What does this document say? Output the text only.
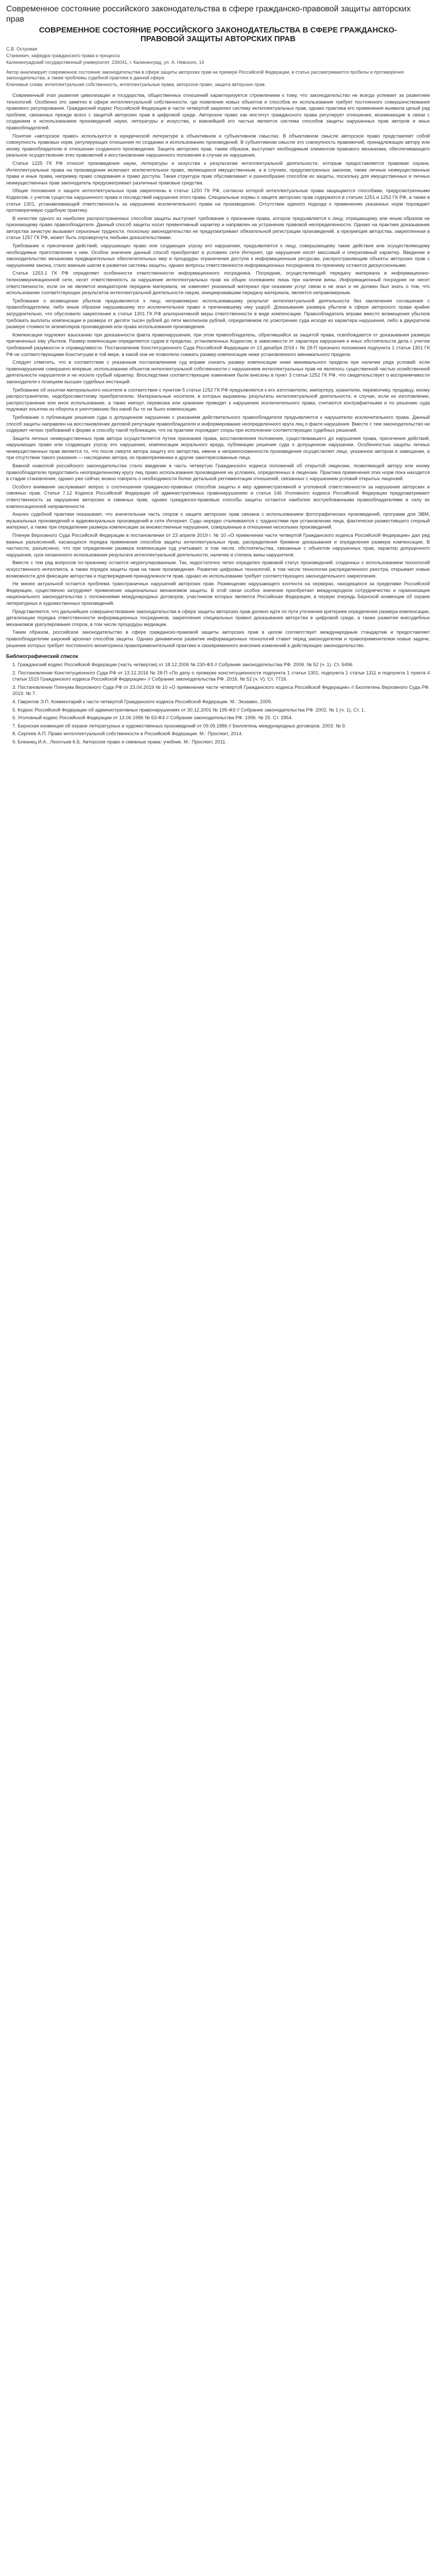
Современное состояние российского законодательства в сфере гражданско-правовой защиты авторских прав
СОВРЕМЕННОЕ СОСТОЯНИЕ РОССИЙСКОГО ЗАКОНОДАТЕЛЬСТВА В СФЕРЕ ГРАЖДАНСКО-ПРАВОВОЙ ЗАЩИТЫ АВТОРСКИХ ПРАВ
С.В. Островая
Станкевич, кафедра гражданского права и процесса
Калининградский государственный университет, 236041, г. Калининград, ул. А. Невского, 14
Автор анализирует современное состояние законодательства в сфере защиты авторских прав на примере Российской Федерации, в статье рассматриваются пробелы и противоречия законодательства, а также проблемы судебной практики в данной сфере.
Ключевые слова: интеллектуальная собственность, интеллектуальные права, авторское право, защита авторских прав.

Современный этап развития цивилизации и государства, общественных отношений характеризуется стремлением к тому, что законодательство не всегда успевает за развитием технологий. Особенно это заметно в сфере интеллектуальной собственности, где появление новых объектов и способов их использования требует постоянного совершенствования правового регулирования. Гражданский кодекс Российской Федерации в части четвертой закрепил систему интеллектуальных прав, однако практика его применения выявила целый ряд проблем, связанных прежде всего с защитой авторских прав в цифровой среде. Авторское право как институт гражданского права регулирует отношения, возникающие в связи с созданием и использованием произведений науки, литературы и искусства, и важнейшей его частью является система способов защиты нарушенных прав авторов и иных правообладателей.

Понятие «авторское право» используется в юридической литературе в объективном и субъективном смыслах. В объективном смысле авторское право представляет собой совокупность правовых норм, регулирующих отношения по созданию и использованию произведений. В субъективном смысле это совокупность правомочий, принадлежащих автору или иному правообладателю в отношении созданного произведения. Защита авторских прав, таким образом, выступает необходимым элементом правового механизма, обеспечивающего реальное осуществление этих правомочий и восстановление нарушенного положения в случае их нарушения.

Статья 1225 ГК РФ относит произведения науки, литературы и искусства к результатам интеллектуальной деятельности, которым предоставляется правовая охрана. Интеллектуальные права на произведения включают исключительное право, являющееся имущественным, а в случаях, предусмотренных законом, также личные неимущественные права и иные права, например право следования и право доступа. Такая структура прав обуславливает и разнообразие способов их защиты, поскольку для имущественных и личных неимущественных прав законодатель предусматривает различные правовые средства.

Общие положения о защите интеллектуальных прав закреплены в статье 1250 ГК РФ, согласно которой интеллектуальные права защищаются способами, предусмотренными Кодексом, с учетом существа нарушенного права и последствий нарушения этого права. Специальные нормы о защите авторских прав содержатся в статьях 1251 и 1252 ГК РФ, а также в статье 1301, устанавливающей ответственность за нарушение исключительного права на произведение. Отсутствие единого подхода к применению указанных норм порождает противоречивую судебную практику.

В качестве одного из наиболее распространенных способов защиты выступает требование о признании права, которое предъявляется к лицу, отрицающему или иным образом не признающему право правообладателя. Данный способ защиты носит превентивный характер и направлен на устранение правовой неопределенности. Однако на практике доказывание авторства зачастую вызывает серьезные трудности, поскольку законодательство не предусматривает обязательной регистрации произведений, а презумпция авторства, закрепленная в статье 1257 ГК РФ, может быть опровергнута любыми доказательствами.

Требование о пресечении действий, нарушающих право или создающих угрозу его нарушения, предъявляется к лицу, совершающему такие действия или осуществляющему необходимые приготовления к ним. Особое значение данный способ приобретает в условиях сети Интернет, где нарушения носят массовый и оперативный характер. Введение в законодательство механизма предварительных обеспечительных мер и процедуры ограничения доступа к информационным ресурсам, распространяющим объекты авторских прав с нарушением закона, стало важным шагом в развитии системы защиты, однако вопросы ответственности информационных посредников по-прежнему остаются дискуссионными.

Статья 1253.1 ГК РФ определяет особенности ответственности информационного посредника. Посредник, осуществляющий передачу материала в информационно-телекоммуникационной сети, несет ответственность за нарушение интеллектуальных прав на общих основаниях лишь при наличии вины. Информационный посредник не несет ответственности, если он не является инициатором передачи материала, не изменяет указанный материал при оказании услуг связи и не знал и не должен был знать о том, что использование соответствующих результатов интеллектуальной деятельности лицом, инициировавшим передачу материала, является неправомерным.

Требование о возмещении убытков предъявляется к лицу, неправомерно использовавшему результат интеллектуальной деятельности без заключения соглашения с правообладателем, либо иным образом нарушившему его исключительное право и причинившему ему ущерб. Доказывание размера убытков в сфере авторского права крайне затруднительно, что обусловило закрепление в статье 1301 ГК РФ альтернативной меры ответственности в виде компенсации. Правообладатель вправе вместо возмещения убытков требовать выплаты компенсации в размере от десяти тысяч рублей до пяти миллионов рублей, определяемом по усмотрению суда исходя из характера нарушения, либо в двукратном размере стоимости экземпляров произведения или права использования произведения.

Компенсация подлежит взысканию при доказанности факта правонарушения, при этом правообладатель, обратившийся за защитой права, освобождается от доказывания размера причиненных ему убытков. Размер компенсации определяется судом в пределах, установленных Кодексом, в зависимости от характера нарушения и иных обстоятельств дела с учетом требований разумности и справедливости. Постановление Конституционного Суда Российской Федерации от 13 декабря 2016 г. № 28-П признало положения подпункта 1 статьи 1301 ГК РФ не соответствующими Конституции в той мере, в какой они не позволяли снижать размер компенсации ниже установленного минимального предела.

Следует отметить, что в соответствии с указанным постановлением суд вправе снизить размер компенсации ниже минимального предела при наличии ряда условий: если правонарушение совершено впервые, использование объектов интеллектуальной собственности с нарушением интеллектуальных прав не являлось существенной частью хозяйственной деятельности нарушителя и не носило грубый характер. Впоследствии соответствующие изменения были внесены в пункт 3 статьи 1252 ГК РФ, что свидетельствует о восприимчивости законодателя к позициям высших судебных инстанций.

Требование об изъятии материального носителя в соответствии с пунктом 5 статьи 1252 ГК РФ предъявляется к его изготовителю, импортеру, хранителю, перевозчику, продавцу, иному распространителю, недобросовестному приобретателю. Материальные носители, в которых выражены результаты интеллектуальной деятельности, в случае, если их изготовление, распространение или иное использование, а также импорт, перевозка или хранение приводят к нарушению исключительного права, считаются контрафактными и по решению суда подлежат изъятию из оборота и уничтожению без какой бы то ни было компенсации.

Требование о публикации решения суда о допущенном нарушении с указанием действительного правообладателя предъявляется к нарушителю исключительного права. Данный способ защиты направлен на восстановление деловой репутации правообладателя и информирование неопределенного круга лиц о факте нарушения. Вместе с тем законодательство не содержит четких требований к форме и способу такой публикации, что на практике порождает споры при исполнении соответствующих судебных решений.

Защита личных неимущественных прав автора осуществляется путем признания права, восстановления положения, существовавшего до нарушения права, пресечения действий, нарушающих право или создающих угрозу его нарушения, компенсации морального вреда, публикации решения суда о допущенном нарушении. Особенностью защиты личных неимущественных прав является то, что после смерти автора защиту его авторства, имени и неприкосновенности произведения осуществляет лицо, указанное автором в завещании, а при отсутствии такого указания — наследники автора, их правопреемники и другие заинтересованные лица.

Важной новеллой российского законодательства стало введение в часть четвертую Гражданского кодекса положений об открытой лицензии, позволяющей автору или иному правообладателю предоставить неопределенному кругу лиц право использования произведения на условиях, определенных в лицензии. Практика применения этих норм пока находится в стадии становления, однако уже сейчас можно говорить о необходимости более детальной регламентации отношений, связанных с нарушением условий открытых лицензий.

Особого внимания заслуживает вопрос о соотношении гражданско-правовых способов защиты и мер административной и уголовной ответственности за нарушение авторских и смежных прав. Статья 7.12 Кодекса Российской Федерации об административных правонарушениях и статья 146 Уголовного кодекса Российской Федерации предусматривают ответственность за нарушение авторских и смежных прав, однако гражданско-правовые способы защиты остаются наиболее востребованными правообладателями в силу их компенсационной направленности.

Анализ судебной практики показывает, что значительная часть споров о защите авторских прав связана с использованием фотографических произведений, программ для ЭВМ, музыкальных произведений и аудиовизуальных произведений в сети Интернет. Суды нередко сталкиваются с трудностями при установлении лица, фактически разместившего спорный материал, а также при определении размера компенсации за множественные нарушения, совершенные в отношении нескольких произведений.

Пленум Верховного Суда Российской Федерации в постановлении от 23 апреля 2019 г. № 10 «О применении части четвертой Гражданского кодекса Российской Федерации» дал ряд важных разъяснений, касающихся порядка применения способов защиты интеллектуальных прав, распределения бремени доказывания и определения размера компенсации. В частности, разъяснено, что при определении размера компенсации суд учитывает, в том числе, обстоятельства, связанные с объектом нарушенных прав, характер допущенного нарушения, срок незаконного использования результата интеллектуальной деятельности, наличие и степень вины нарушителя.

Вместе с тем ряд вопросов по-прежнему остается неурегулированным. Так, недостаточно четко определен правовой статус произведений, созданных с использованием технологий искусственного интеллекта, а также порядок защиты прав на такие произведения. Развитие цифровых технологий, в том числе технологии распределенного реестра, открывает новые возможности для фиксации авторства и подтверждения принадлежности прав, однако их использование требует соответствующего законодательного закрепления.

Не менее актуальной остается проблема трансграничных нарушений авторских прав. Размещение нарушающего контента на серверах, находящихся за пределами Российской Федерации, существенно затрудняет применение национальных механизмов защиты. В этой связи особое значение приобретает международное сотрудничество и гармонизация национального законодательства с положениями международных договоров, участником которых является Российская Федерация, в первую очередь Бернской конвенции об охране литературных и художественных произведений.

Представляется, что дальнейшее совершенствование законодательства в сфере защиты авторских прав должно идти по пути уточнения критериев определения размера компенсации, детализации порядка ответственности информационных посредников, закрепления специальных правил доказывания авторства в цифровой среде, а также развития внесудебных механизмов урегулирования споров, в том числе процедуры медиации.

Таким образом, российское законодательство в сфере гражданско-правовой защиты авторских прав в целом соответствует международным стандартам и предоставляет правообладателям широкий арсенал способов защиты. Однако динамичное развитие информационных технологий ставит перед законодателем и правоприменителем новые задачи, решение которых требует постоянного мониторинга правоприменительной практики и своевременного внесения изменений в действующее законодательство.

Библиографический список

1. Гражданский кодекс Российской Федерации (часть четвертая) от 18.12.2006 № 230-ФЗ // Собрание законодательства РФ. 2006. № 52 (ч. 1). Ст. 5496.

2. Постановление Конституционного Суда РФ от 13.12.2016 № 28-П «По делу о проверке конституционности подпункта 1 статьи 1301, подпункта 1 статьи 1311 и подпункта 1 пункта 4 статьи 1515 Гражданского кодекса Российской Федерации» // Собрание законодательства РФ. 2016. № 52 (ч. V). Ст. 7716.

3. Постановление Пленума Верховного Суда РФ от 23.04.2019 № 10 «О применении части четвертой Гражданского кодекса Российской Федерации» // Бюллетень Верховного Суда РФ. 2019. № 7.

4. Гаврилов Э.П. Комментарий к части четвертой Гражданского кодекса Российской Федерации. М.: Экзамен, 2009.

5. Кодекс Российской Федерации об административных правонарушениях от 30.12.2001 № 195-ФЗ // Собрание законодательства РФ. 2002. № 1 (ч. 1). Ст. 1.

6. Уголовный кодекс Российской Федерации от 13.06.1996 № 63-ФЗ // Собрание законодательства РФ. 1996. № 25. Ст. 2954.

7. Бернская конвенция об охране литературных и художественных произведений от 09.09.1886 // Бюллетень международных договоров. 2003. № 9.

8. Сергеев А.П. Право интеллектуальной собственности в Российской Федерации. М.: Проспект, 2014.

9. Близнец И.А., Леонтьев К.Б. Авторское право и смежные права: учебник. М.: Проспект, 2011.
